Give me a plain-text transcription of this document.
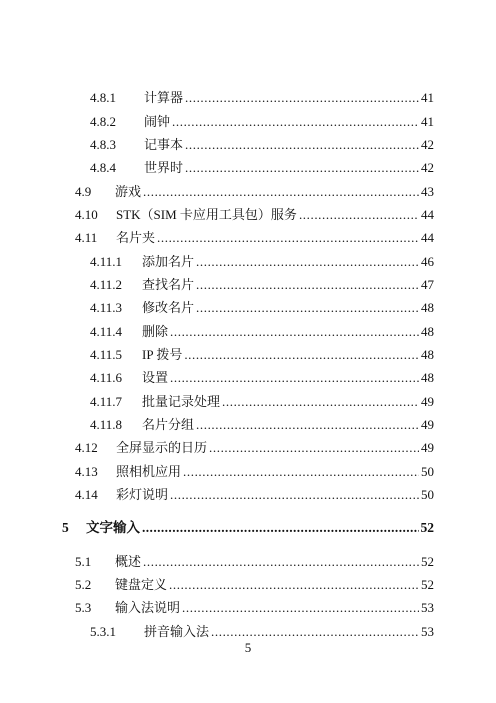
4.8.1	计算器 .....	41
4.8.2	闹钟 .....	41
4.8.3	记事本 .....	42
4.8.4	世界时 .....	42
4.9	游戏 .....	43
4.10	STK（SIM 卡应用工具包）服务 .....	44
4.11	名片夹 .....	44
4.11.1	添加名片 .....	46
4.11.2	查找名片 .....	47
4.11.3	修改名片 .....	48
4.11.4	删除 .....	48
4.11.5	IP 拨号 .....	48
4.11.6	设置 .....	48
4.11.7	批量记录处理 .....	49
4.11.8	名片分组 .....	49
4.12	全屏显示的日历 .....	49
4.13	照相机应用 .....	50
4.14	彩灯说明 .....	50
5	文字输入 .....	52
5.1	概述 .....	52
5.2	键盘定义 .....	52
5.3	输入法说明 .....	53
5.3.1	拼音输入法 .....	53
5
